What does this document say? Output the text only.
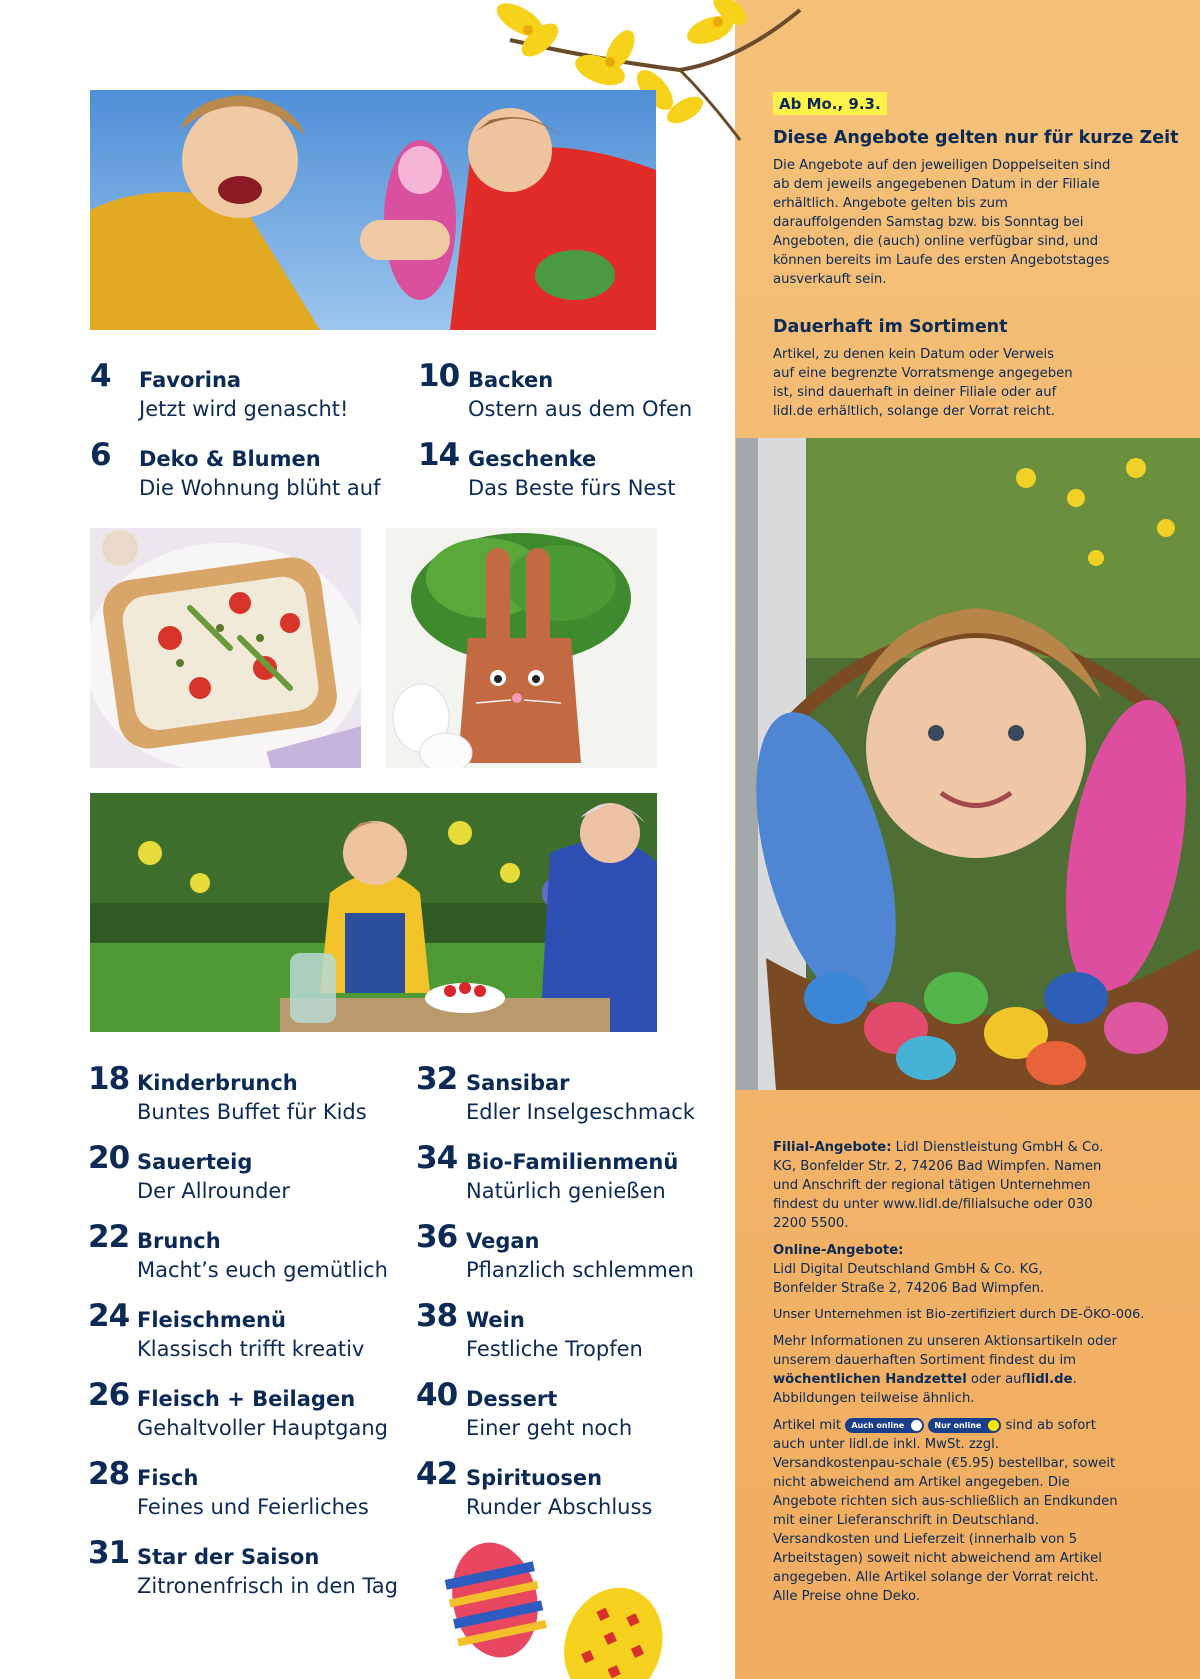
4 Favorina
Jetzt wird genascht!
10 Backen
Ostern aus dem Ofen
6 Deko & Blumen
Die Wohnung blüht auf
14 Geschenke
Das Beste fürs Nest
18 Kinderbrunch
Buntes Buffet für Kids
32 Sansibar
Edler Inselgeschmack
20 Sauerteig
Der Allrounder
34 Bio-Familienmenü
Natürlich genießen
22 Brunch
Macht’s euch gemütlich
36 Vegan
Pflanzlich schlemmen
24 Fleischmenü
Klassisch trifft kreativ
38 Wein
Festliche Tropfen
26 Fleisch + Beilagen
Gehaltvoller Hauptgang
40 Dessert
Einer geht noch
28 Fisch
Feines und Feierliches
42 Spirituosen
Runder Abschluss
31 Star der Saison
Zitronenfrisch in den Tag
Ab Mo., 9.3.
Diese Angebote gelten nur für kurze Zeit

Die Angebote auf den jeweiligen Doppelseiten sind ab dem jeweils angegebenen Datum in der Filiale erhältlich. Angebote gelten bis zum darauffolgenden Samstag bzw. bis Sonntag bei Angeboten, die (auch) online verfügbar sind, und können bereits im Laufe des ersten Angebotstages ausverkauft sein.

Dauerhaft im Sortiment

Artikel, zu denen kein Datum oder Verweis auf eine begrenzte Vorratsmenge angegeben ist, sind dauerhaft in deiner Filiale oder auf lidl.de erhältlich, solange der Vorrat reicht.

Filial-Angebote: Lidl Dienstleistung GmbH & Co. KG, Bonfelder Str. 2, 74206 Bad Wimpfen. Namen und Anschrift der regional tätigen Unternehmen findest du unter www.lidl.de/filialsuche oder 030 2200 5500.
Online-Angebote:
Lidl Digital Deutschland GmbH & Co. KG, Bonfelder Straße 2, 74206 Bad Wimpfen.
Unser Unternehmen ist Bio-zertifiziert durch DE-ÖKO-006.
Mehr Informationen zu unseren Aktionsartikeln oder unserem dauerhaften Sortiment findest du im wöchentlichen Handzettel oder auflidl.de. Abbildungen teilweise ähnlich.
Artikel mit Auch online	Nur online sind ab sofort auch unter lidl.de inkl. MwSt. zzgl. Versandkostenpau-schale (€5.95) bestellbar, soweit nicht abweichend am Artikel angegeben. Die Angebote richten sich aus-schließlich an Endkunden mit einer Lieferanschrift in Deutschland. Versandkosten und Lieferzeit (innerhalb von 5 Arbeitstagen) soweit nicht abweichend am Artikel angegeben. Alle Artikel solange der Vorrat reicht. Alle Preise ohne Deko.
